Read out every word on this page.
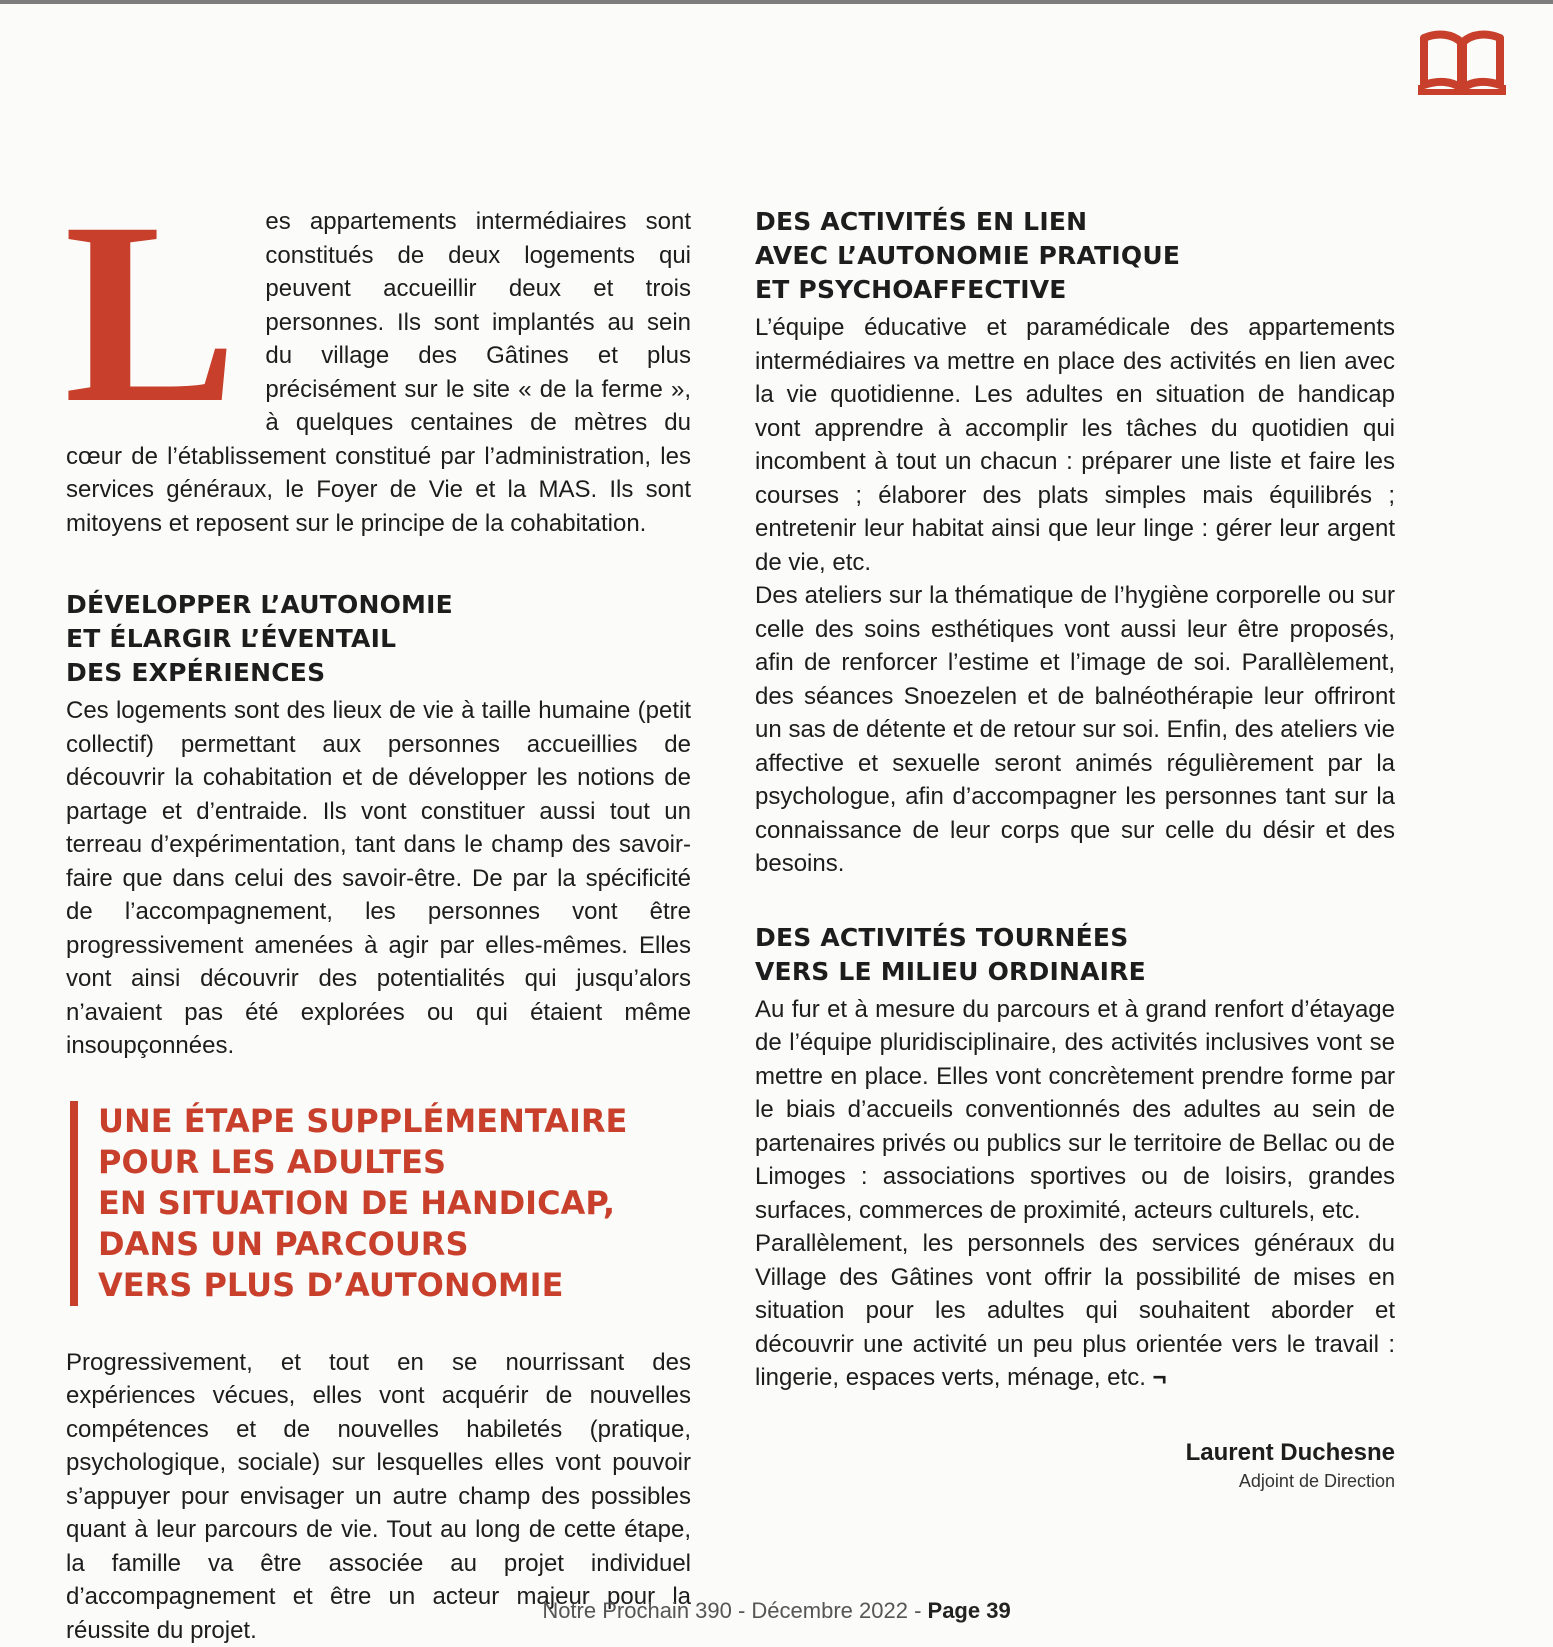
L	es appartements intermédiaires sont constitués de deux logements qui peuvent accueillir deux et trois personnes. Ils sont implantés au sein du village des Gâtines et plus précisément sur le site « de la ferme », à quelques centaines de mètres du cœur de l’établissement constitué par l’administration, les services généraux, le Foyer de Vie et la MAS. Ils sont mitoyens et reposent sur le principe de la cohabitation.

DÉVELOPPER L’AUTONOMIE
ET ÉLARGIR L’ÉVENTAIL
DES EXPÉRIENCES

Ces logements sont des lieux de vie à taille humaine (petit collectif) permettant aux personnes accueillies de découvrir la cohabitation et de développer les notions de partage et d’entraide. Ils vont constituer aussi tout un terreau d’expérimentation, tant dans le champ des savoir-faire que dans celui des savoir-être. De par la spécificité de l’accompagnement, les personnes vont être progressivement amenées à agir par elles-mêmes. Elles vont ainsi découvrir des potentialités qui jusqu’alors n’avaient pas été explorées ou qui étaient même insoupçonnées.

UNE ÉTAPE SUPPLÉMENTAIRE
POUR LES ADULTES
EN SITUATION DE HANDICAP,
DANS UN PARCOURS
VERS PLUS D’AUTONOMIE

Progressivement, et tout en se nourrissant des expériences vécues, elles vont acquérir de nouvelles compétences et de nouvelles habiletés (pratique, psychologique, sociale) sur lesquelles elles vont pouvoir s’appuyer pour envisager un autre champ des possibles quant à leur parcours de vie. Tout au long de cette étape, la famille va être associée au projet individuel d’accompagnement et être un acteur majeur pour la réussite du projet.

DES ACTIVITÉS EN LIEN
AVEC L’AUTONOMIE PRATIQUE
ET PSYCHOAFFECTIVE

L’équipe éducative et paramédicale des appartements intermédiaires va mettre en place des activités en lien avec la vie quotidienne. Les adultes en situation de handicap vont apprendre à accomplir les tâches du quotidien qui incombent à tout un chacun : préparer une liste et faire les courses ; élaborer des plats simples mais équilibrés ; entretenir leur habitat ainsi que leur linge : gérer leur argent de vie, etc.

Des ateliers sur la thématique de l’hygiène corporelle ou sur celle des soins esthétiques vont aussi leur être proposés, afin de renforcer l’estime et l’image de soi. Parallèlement, des séances Snoezelen et de balnéothérapie leur offriront un sas de détente et de retour sur soi. Enfin, des ateliers vie affective et sexuelle seront animés régulièrement par la psychologue, afin d’accompagner les personnes tant sur la connaissance de leur corps que sur celle du désir et des besoins.

DES ACTIVITÉS TOURNÉES
VERS LE MILIEU ORDINAIRE

Au fur et à mesure du parcours et à grand renfort d’étayage de l’équipe pluridisciplinaire, des activités inclusives vont se mettre en place. Elles vont concrètement prendre forme par le biais d’accueils conventionnés des adultes au sein de partenaires privés ou publics sur le territoire de Bellac ou de Limoges : associations sportives ou de loisirs, grandes surfaces, commerces de proximité, acteurs culturels, etc.

Parallèlement, les personnels des services généraux du Village des Gâtines vont offrir la possibilité de mises en situation pour les adultes qui souhaitent aborder et découvrir une activité un peu plus orientée vers le travail : lingerie, espaces verts, ménage, etc. ¬

Laurent Duchesne
Adjoint de Direction
Notre Prochain 390 - Décembre 2022 - Page 39
